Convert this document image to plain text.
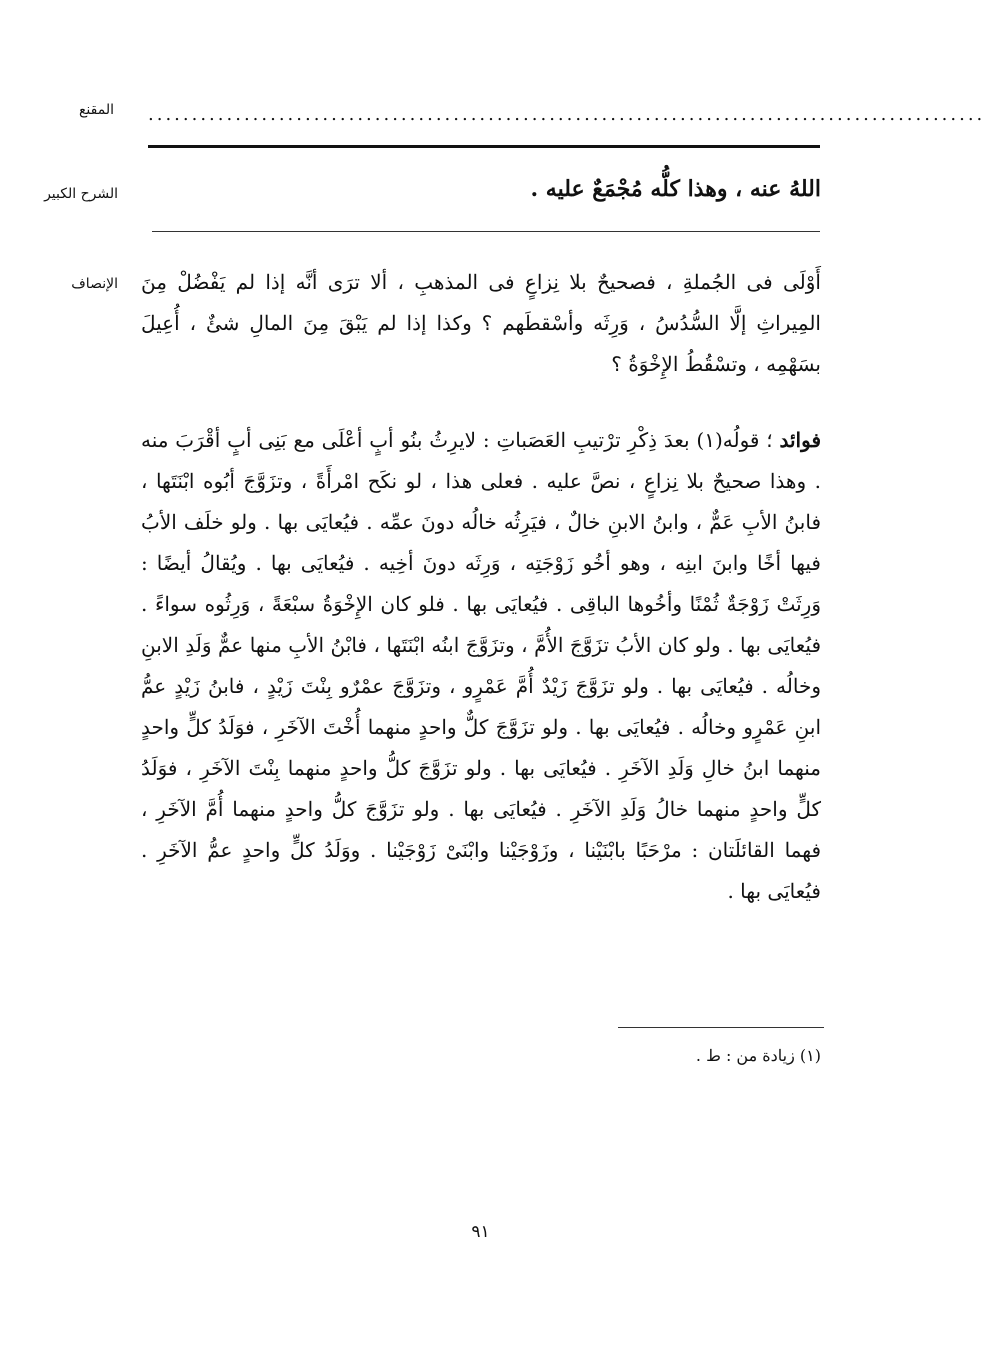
المقنع ................................................................................................
الشرح الكبير	اللهُ عنه ، وهذا كلُّه مُجْمَعٌ عليه .
الإنصاف أَوْلَى فى الجُملةِ ، فصحيحٌ بلا نِزاعٍ فى المذهبِ ، ألا ترَى أنَّه إذا لم يَفْضُلْ مِنَ المِيراثِ إلَّا السُّدُسُ ، وَرِثَه وأسْقطَهم ؟ وكذا إذا لم يَبْقَ مِنَ المالِ شئٌ ، أُعِيلَ بسَهْمِه ، وتسْقُطُ الإِخْوَةُ ؟
فوائد ؛ قولُه(١) بعدَ ذِكْرِ ترْتيبِ العَصَباتِ : لايرِثُ بنُو أبٍ أعْلَى مع بَنِى أبٍ أقْرَبَ منه . وهذا صحيحٌ بلا نِزاعٍ ، نصَّ عليه . فعلى هذا ، لو نكَح امْرأَةً ، وتزَوَّجَ أبُوه ابْنَتَها ، فابنُ الأبِ عَمٌّ ، وابنُ الابنِ خالٌ ، فيَرِثُه خالُه دونَ عمِّه . فيُعايَى بها . ولو خلَف الأبُ فيها أخًا وابنَ ابنِه ، وهو أخُو زَوْجَتِه ، وَرِثَه دونَ أخِيه . فيُعايَى بها . ويُقالُ أيضًا : وَرِثَتْ زَوْجَةٌ ثُمْنًا وأخُوها الباقِى . فيُعايَى بها . فلو كان الإِخْوَةُ سبْعَةً ، وَرِثُوه سواءً . فيُعايَى بها . ولو كان الأبُ تزَوَّجَ الأُمَّ ، وتزَوَّجَ ابنُه ابْنَتَها ، فابْنُ الأبِ منها عمٌّ وَلَدِ الابنِ وخالُه . فيُعايَى بها . ولو تزَوَّجَ زَيْدٌ أُمَّ عَمْرٍو ، وتزَوَّجَ عمْرٌو بِنْتَ زَيْدٍ ، فابنُ زَيْدٍ عمُّ ابنِ عَمْرٍو وخالُه . فيُعايَى بها . ولو تزَوَّجَ كلٌّ واحدٍ منهما أُخْتَ الآخَرِ ، فوَلَدُ كلٍّ واحدٍ منهما ابنُ خالِ وَلَدِ الآخَرِ . فيُعايَى بها . ولو تزَوَّجَ كلُّ واحدٍ منهما بِنْتَ الآخَرِ ، فوَلَدُ كلٍّ واحدٍ منهما خالُ وَلَدِ الآخَرِ . فيُعايَى بها . ولو تزَوَّجَ كلُّ واحدٍ منهما أُمَّ الآخَرِ ، فهما القائلَتان : مرْحَبًا بابْنَيْنا ، وزَوْجَيْنا وابْنَىْ زَوْجَيْنا . ووَلَدُ كلٍّ واحدٍ عمُّ الآخَرِ . فيُعايَى بها .
(١) زيادة من : ط .
٩١
